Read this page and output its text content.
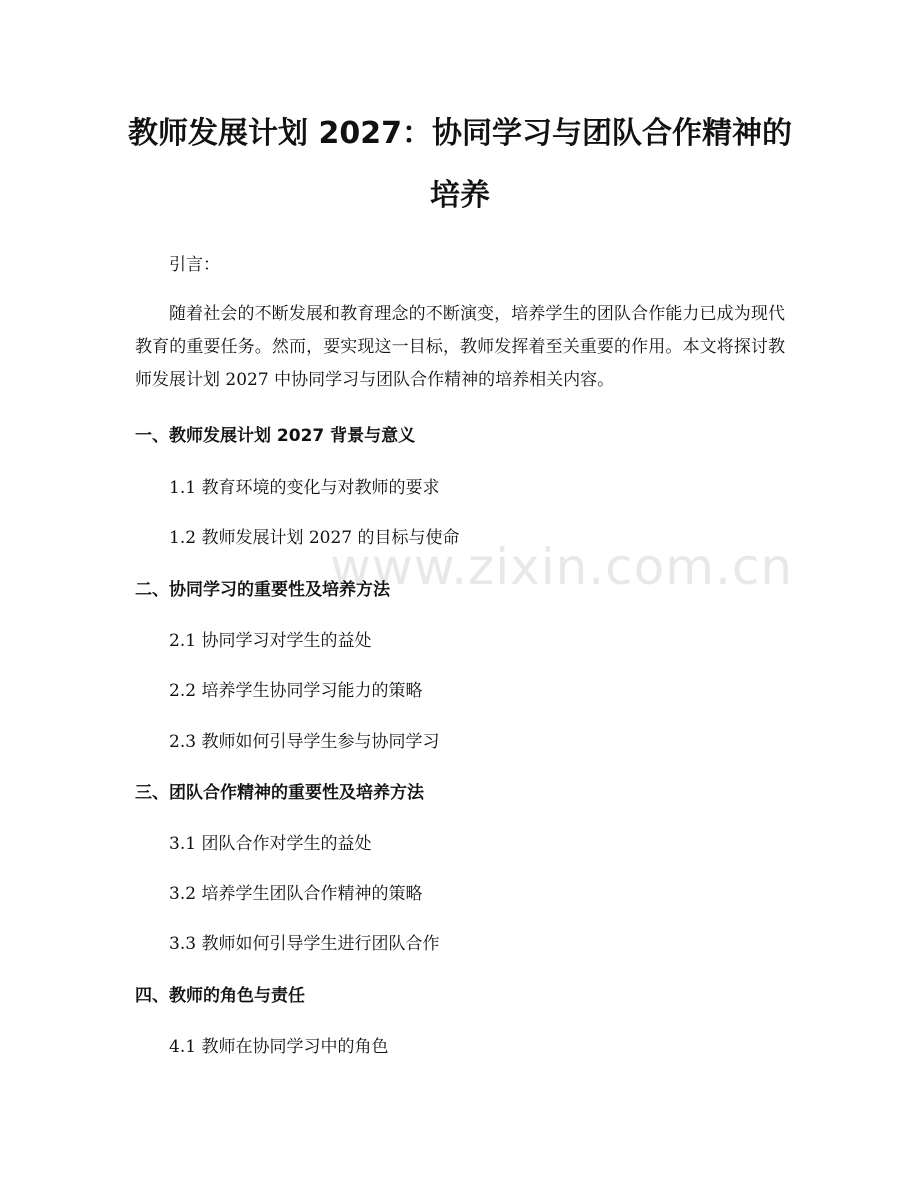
www.zixin.com.cn
教师发展计划 2027：协同学习与团队合作精神的培养

引言：

随着社会的不断发展和教育理念的不断演变，培养学生的团队合作能力已成为现代教育的重要任务。然而，要实现这一目标，教师发挥着至关重要的作用。本文将探讨教师发展计划 2027 中协同学习与团队合作精神的培养相关内容。

一、教师发展计划 2027 背景与意义

1.1 教育环境的变化与对教师的要求

1.2 教师发展计划 2027 的目标与使命

二、协同学习的重要性及培养方法

2.1 协同学习对学生的益处

2.2 培养学生协同学习能力的策略

2.3 教师如何引导学生参与协同学习

三、团队合作精神的重要性及培养方法

3.1 团队合作对学生的益处

3.2 培养学生团队合作精神的策略

3.3 教师如何引导学生进行团队合作

四、教师的角色与责任

4.1 教师在协同学习中的角色
